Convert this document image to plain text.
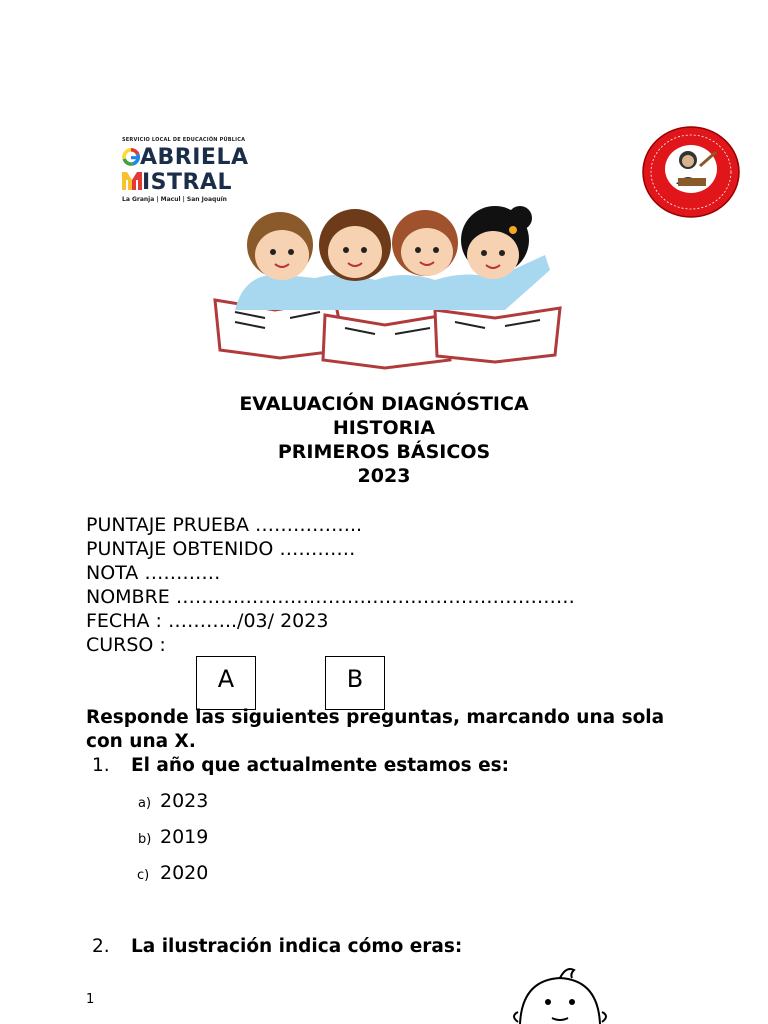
SERVICIO LOCAL DE EDUCACIÓN PÚBLICA
ABRIELA
ISTRAL
La Granja | Macul | San Joaquín
EVALUACIÓN DIAGNÓSTICA
HISTORIA
PRIMEROS BÁSICOS
2023
PUNTAJE PRUEBA ……………..
PUNTAJE OBTENIDO …………
NOTA …………
NOMBRE ………………………………………………………
FECHA : ………../03/ 2023
CURSO :
A	B
Responde las siguientes preguntas, marcando una sola con una X.
1. El año que actualmente estamos es:
a) 2023
b) 2019
c) 2020
2. La ilustración indica cómo eras:
1
